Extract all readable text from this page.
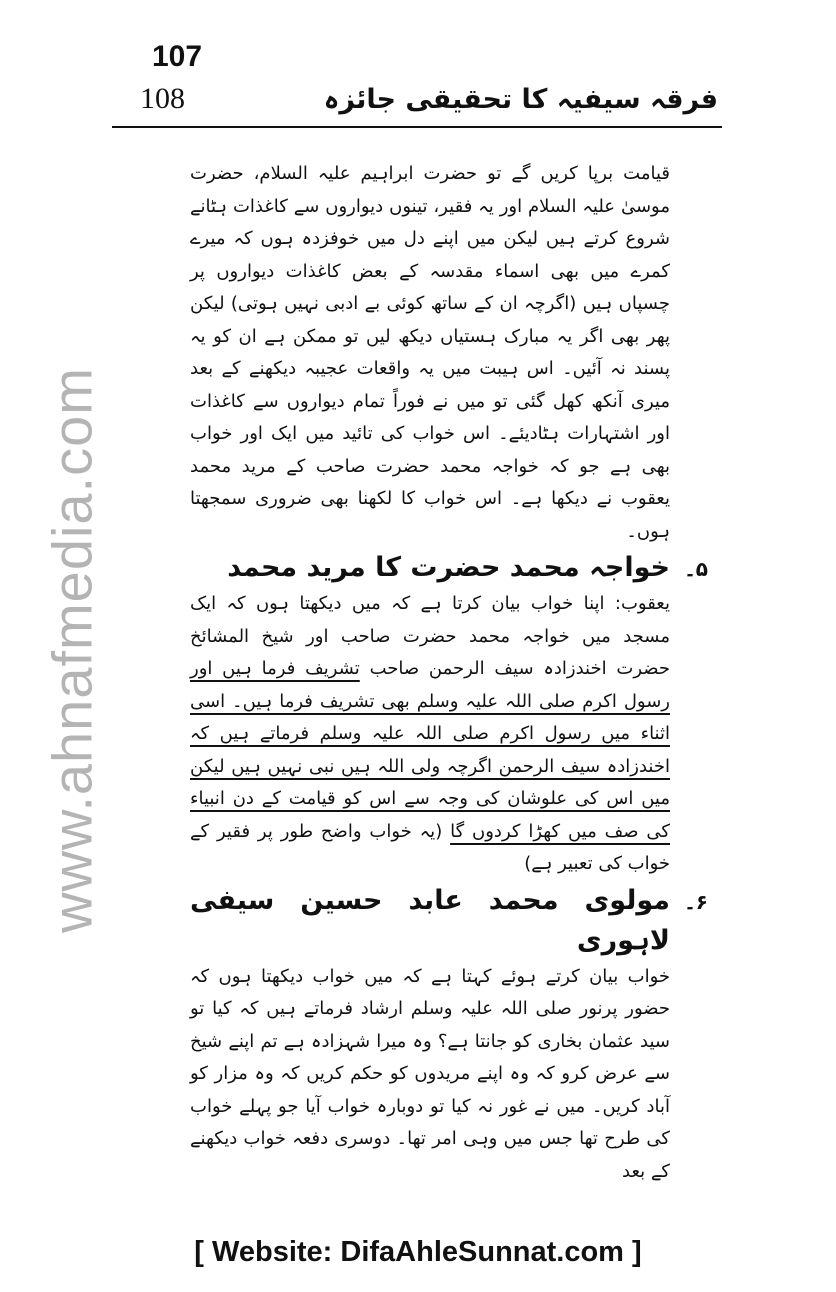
107
108	فرقہ سیفیہ کا تحقیقی جائزہ
www.ahnafmedia.com

قیامت برپا کریں گے تو حضرت ابراہیم علیہ السلام، حضرت موسیٰ علیہ السلام اور یہ فقیر، تینوں دیواروں سے کاغذات ہٹانے شروع کرتے ہیں لیکن میں اپنے دل میں خوفزدہ ہوں کہ میرے کمرے میں بھی اسماء مقدسہ کے بعض کاغذات دیواروں پر چسپاں ہیں (اگرچہ ان کے ساتھ کوئی بے ادبی نہیں ہوتی) لیکن پھر بھی اگر یہ مبارک ہستیاں دیکھ لیں تو ممکن ہے ان کو یہ پسند نہ آئیں۔ اس ہیبت میں یہ واقعات عجیبہ دیکھنے کے بعد میری آنکھ کھل گئی تو میں نے فوراً تمام دیواروں سے کاغذات اور اشتہارات ہٹادیئے۔ اس خواب کی تائید میں ایک اور خواب بھی ہے جو کہ خواجہ محمد حضرت صاحب کے مرید محمد یعقوب نے دیکھا ہے۔ اس خواب کا لکھنا بھی ضروری سمجھتا ہوں۔

۵۔
خواجہ محمد حضرت کا مرید محمد

یعقوب: اپنا خواب بیان کرتا ہے کہ میں دیکھتا ہوں کہ ایک مسجد میں خواجہ محمد حضرت صاحب اور شیخ المشائخ حضرت اخندزادہ سیف الرحمن صاحب تشریف فرما ہیں اور رسول اکرم صلی اللہ علیہ وسلم بھی تشریف فرما ہیں۔ اسی اثناء میں رسول اکرم صلی اللہ علیہ وسلم فرماتے ہیں کہ اخندزادہ سیف الرحمن اگرچہ ولی اللہ ہیں نبی نہیں ہیں لیکن میں اس کی علوشان کی وجہ سے اس کو قیامت کے دن انبیاء کی صف میں کھڑا کردوں گا (یہ خواب واضح طور پر فقیر کے خواب کی تعبیر ہے)

۶۔
مولوی محمد عابد حسین سیفی لاہوری

خواب بیان کرتے ہوئے کہتا ہے کہ میں خواب دیکھتا ہوں کہ حضور پرنور صلی اللہ علیہ وسلم ارشاد فرماتے ہیں کہ کیا تو سید عثمان بخاری کو جانتا ہے؟ وہ میرا شہزادہ ہے تم اپنے شیخ سے عرض کرو کہ وہ اپنے مریدوں کو حکم کریں کہ وہ مزار کو آباد کریں۔ میں نے غور نہ کیا تو دوبارہ خواب آیا جو پہلے خواب کی طرح تھا جس میں وہی امر تھا۔ دوسری دفعہ خواب دیکھنے کے بعد

[ Website: DifaAhleSunnat.com ]
